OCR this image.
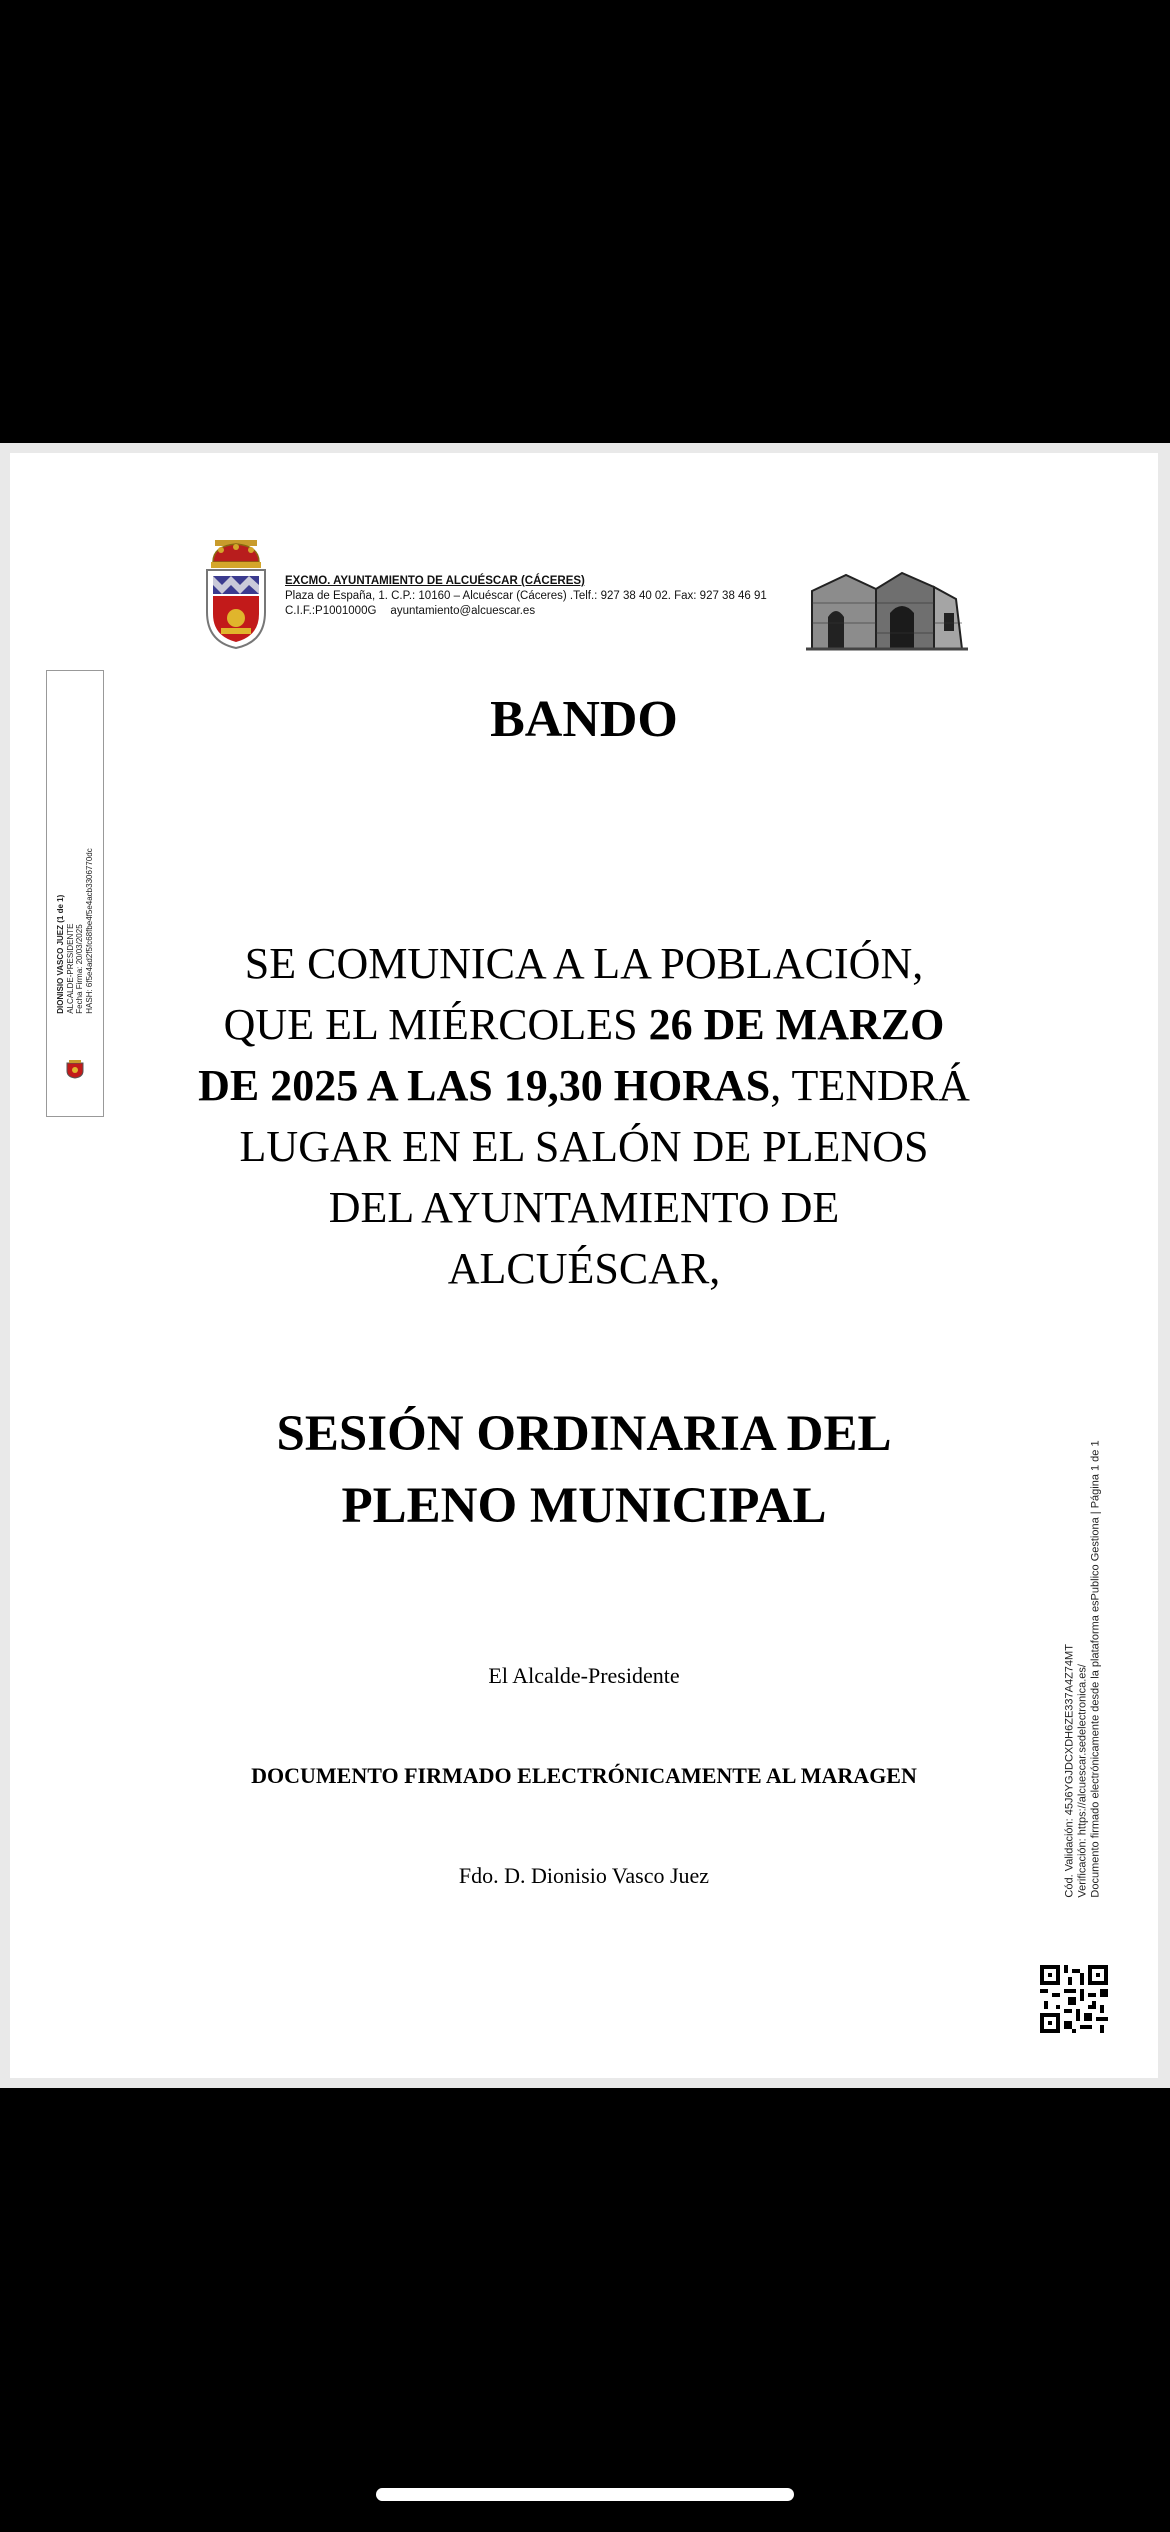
EXCMO. AYUNTAMIENTO DE ALCUÉSCAR (CÁCERES)
Plaza de España, 1. C.P.: 10160 – Alcuéscar (Cáceres) .Telf.: 927 38 40 02. Fax: 927 38 46 91
C.I.F.:P1001000G ayuntamiento@alcuescar.es
DIONISIO VASCO JUEZ (1 de 1) ALCALDE-PRESIDENTE Fecha Firma: 20/03/2025 HASH: 6f5e4ad2f5fc68fbe4f5e4acb3306770dc
BANDO
SE COMUNICA A LA POBLACIÓN,
QUE EL MIÉRCOLES 26 DE MARZO
DE 2025 A LAS 19,30 HORAS, TENDRÁ
LUGAR EN EL SALÓN DE PLENOS
DEL AYUNTAMIENTO DE
ALCUÉSCAR,
SESIÓN ORDINARIA DEL
PLENO MUNICIPAL
El Alcalde-Presidente
DOCUMENTO FIRMADO ELECTRÓNICAMENTE AL MARAGEN
Fdo. D. Dionisio Vasco Juez	Cód. Validación: 45J6YGJDCXDH6ZE337A4Z74MT Verificación: https://alcuescar.sedelectronica.es/ Documento firmado electrónicamente desde la plataforma esPublico Gestiona | Página 1 de 1
